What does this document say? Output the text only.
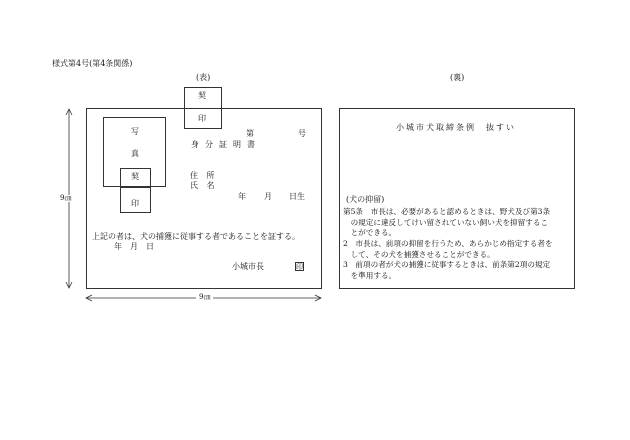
様式第4号(第4条関係)
(表)	(裏)
契
印
写
真
契
印
第	号
身分証明書
住 所
氏 名
年 月 日生
上記の者は、犬の捕獲に従事する者であることを証する。
年　月　日
小城市長	印
9㎝
9㎝
小城市犬取締条例　抜すい
(犬の抑留)
第5条　市長は、必要があると認めるときは、野犬及び第3条
　の規定に違反してけい留されていない飼い犬を抑留するこ
　とができる。
2　市長は、前項の抑留を行うため、あらかじめ指定する者を
　して、その犬を捕獲させることができる。
3　前項の者が犬の捕獲に従事するときは、前条第2項の規定
　を準用する。
